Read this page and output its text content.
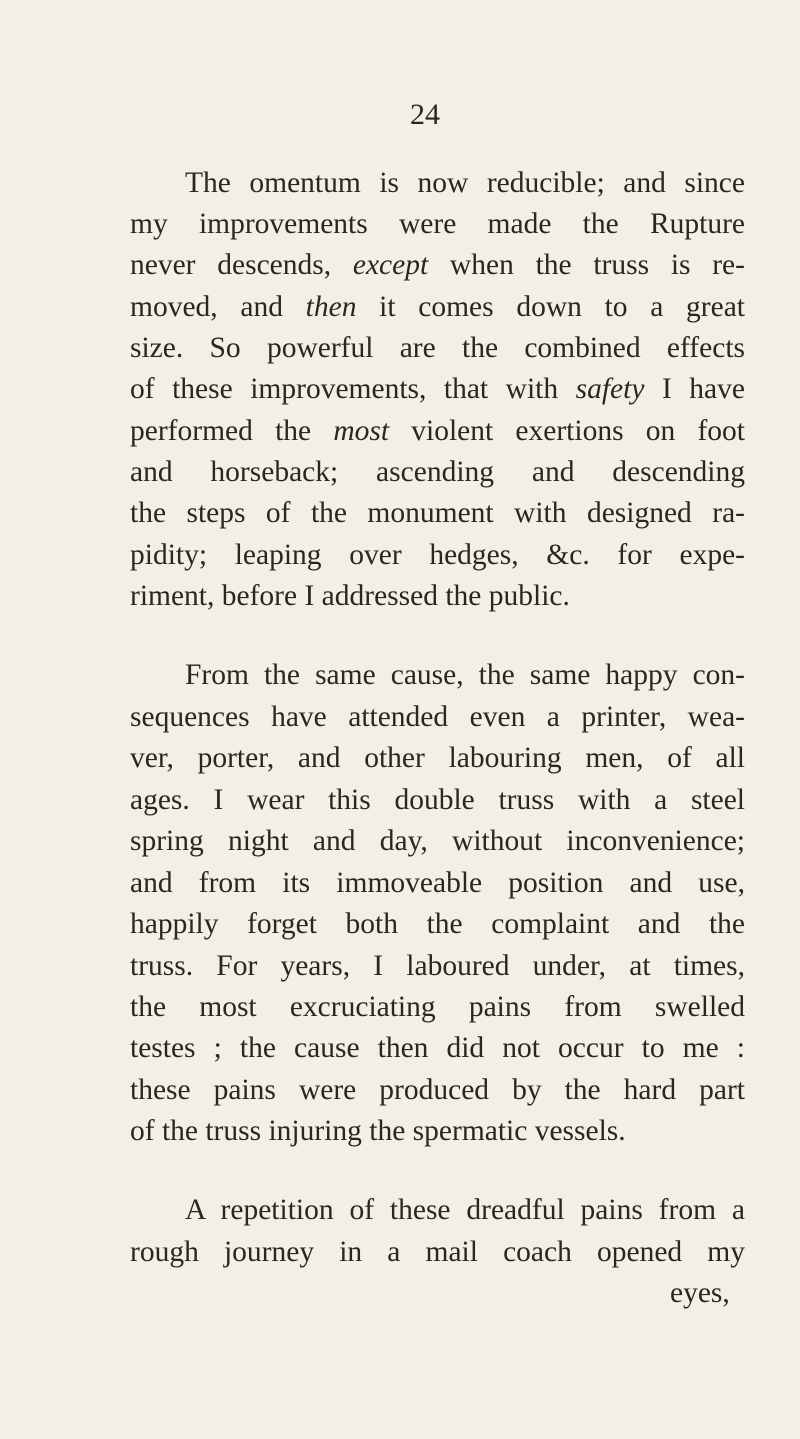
24
The omentum is now reducible; and since
my improvements were made the Rupture
never descends, except when the truss is re-
moved, and then it comes down to a great
size. So powerful are the combined effects
of these improvements, that with safety I have
performed the most violent exertions on foot
and horseback; ascending and descending
the steps of the monument with designed ra-
pidity; leaping over hedges, &c. for expe-
riment, before I addressed the public.
From the same cause, the same happy con-
sequences have attended even a printer, wea-
ver, porter, and other labouring men, of all
ages. I wear this double truss with a steel
spring night and day, without inconvenience;
and from its immoveable position and use,
happily forget both the complaint and the
truss. For years, I laboured under, at times,
the most excruciating pains from swelled
testes ; the cause then did not occur to me :
these pains were produced by the hard part
of the truss injuring the spermatic vessels.
A repetition of these dreadful pains from a
rough journey in a mail coach opened my
eyes,
